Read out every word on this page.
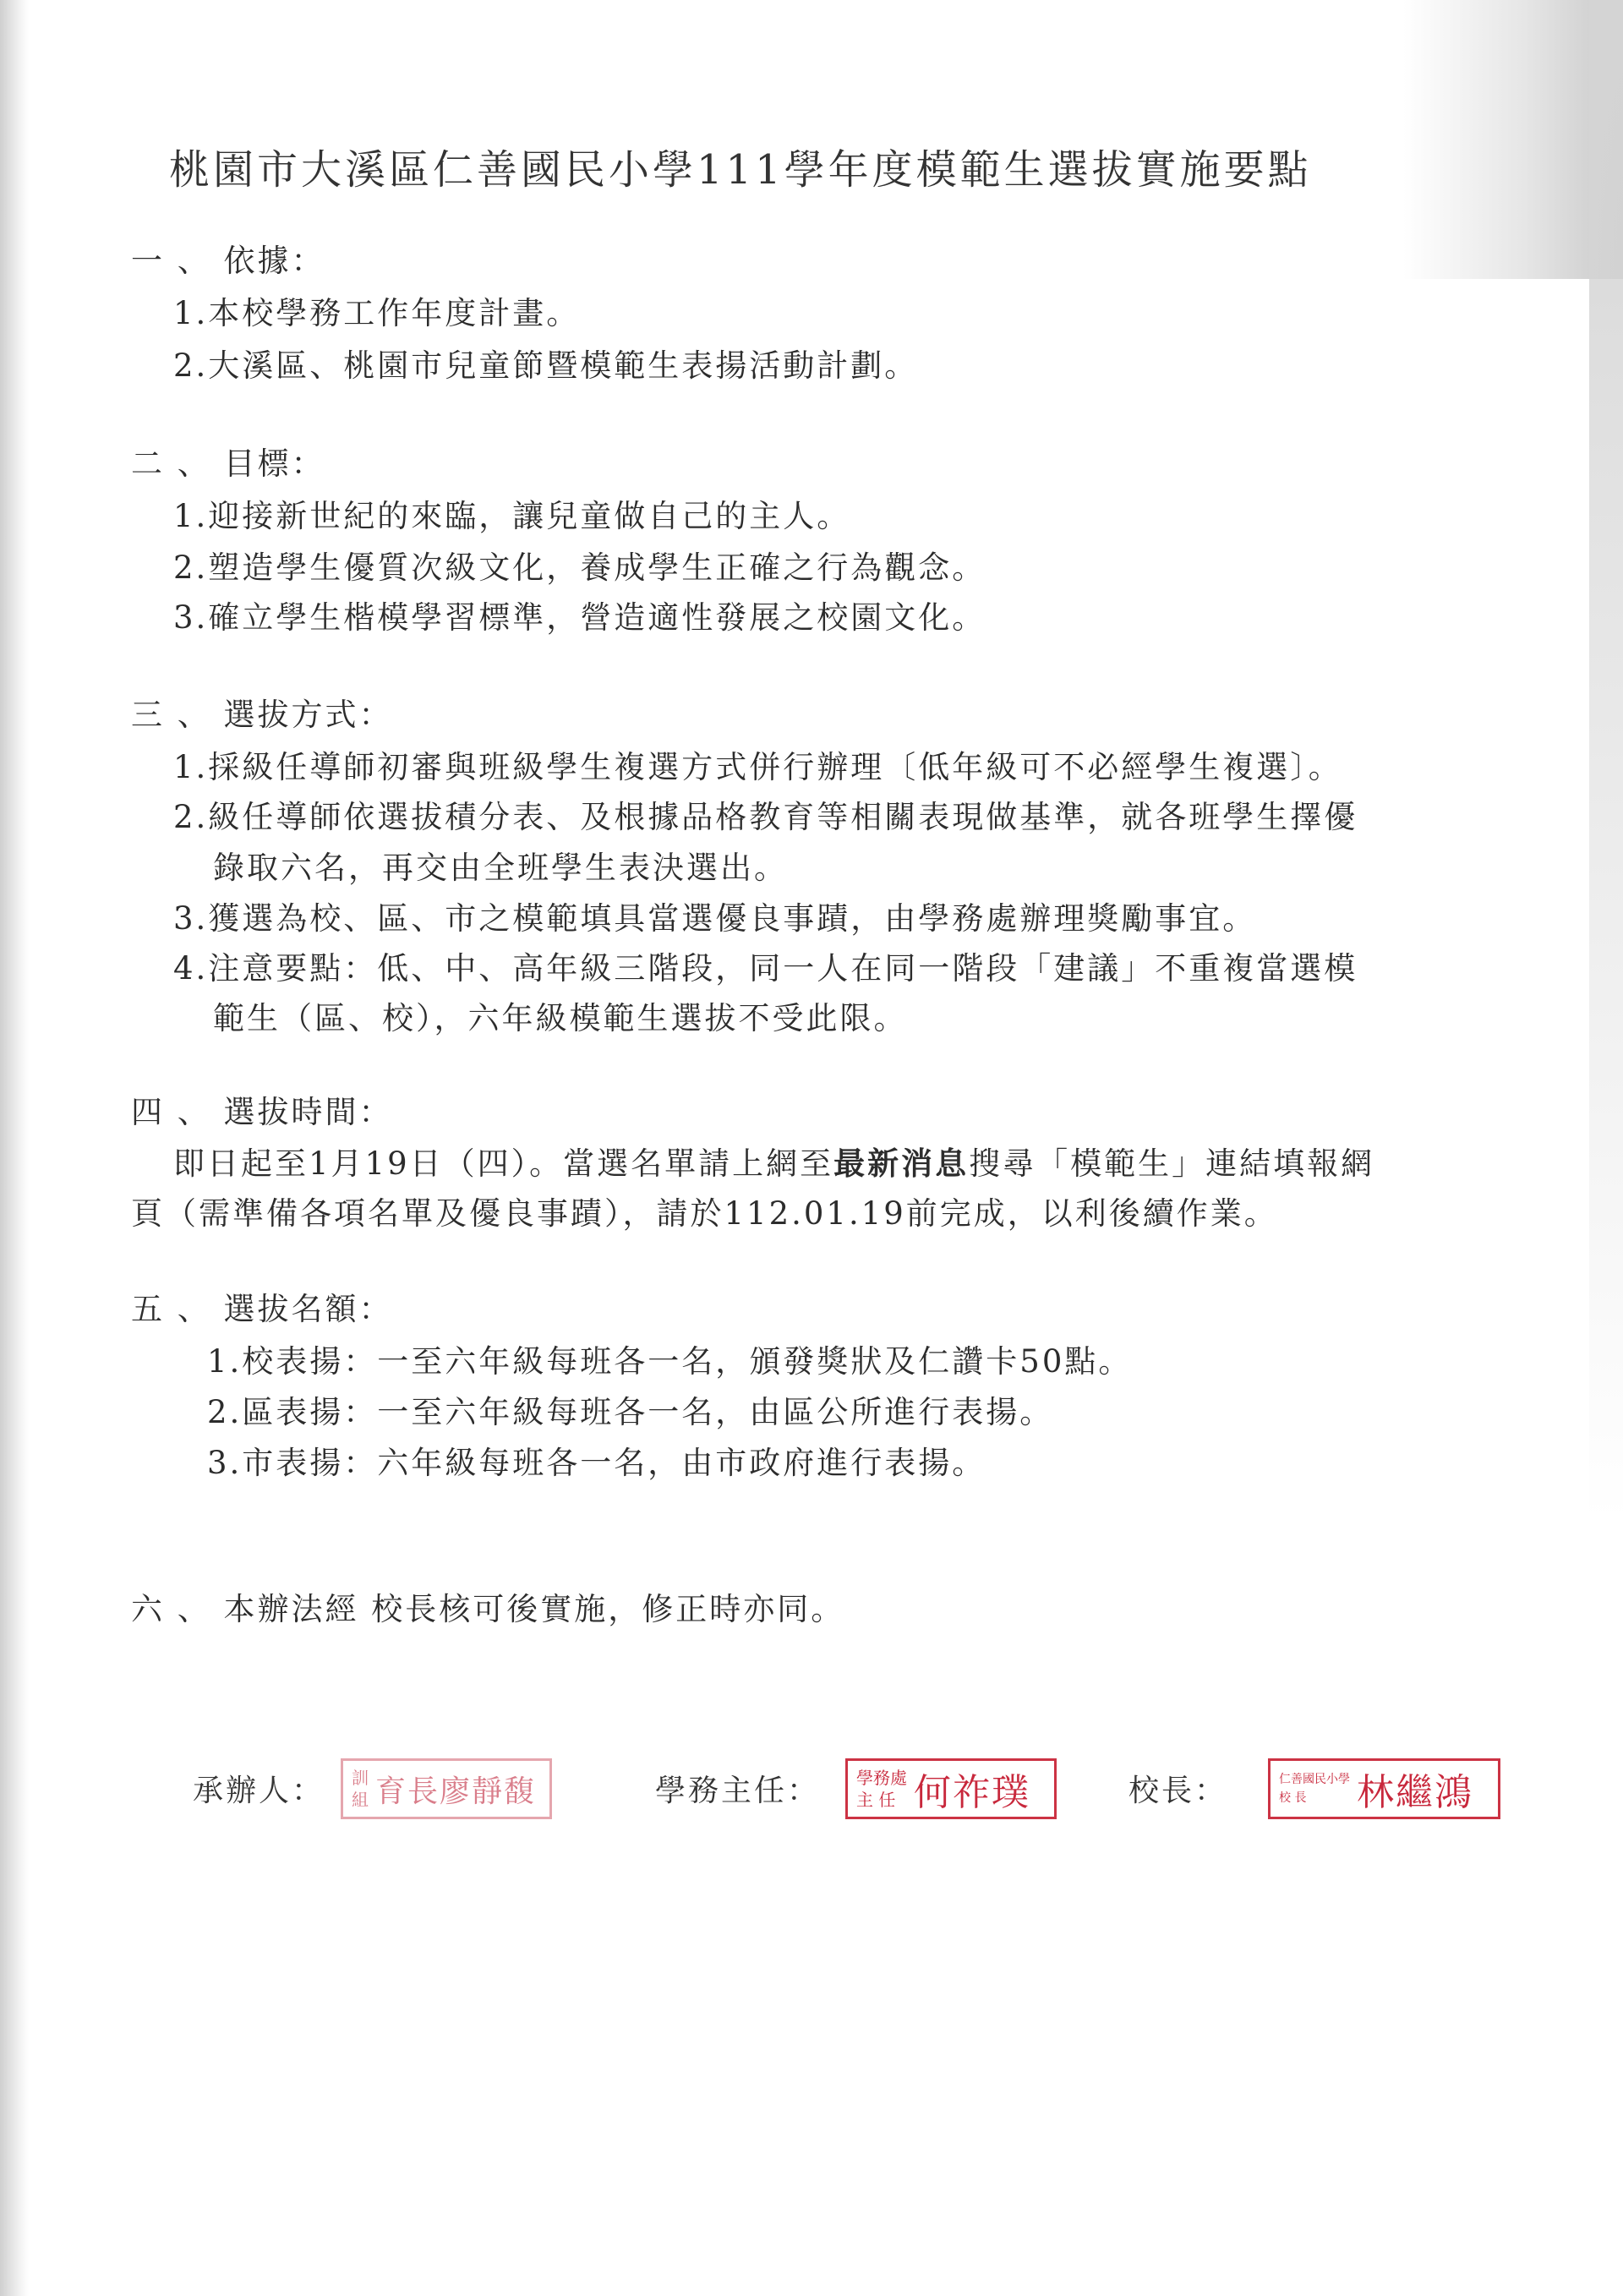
桃園市大溪區仁善國民小學111學年度模範生選拔實施要點
一 、 依據：
1.本校學務工作年度計畫。
2.大溪區、桃園市兒童節暨模範生表揚活動計劃。
二 、 目標：
1.迎接新世紀的來臨，讓兒童做自己的主人。
2.塑造學生優質次級文化，養成學生正確之行為觀念。
3.確立學生楷模學習標準，營造適性發展之校園文化。
三 、 選拔方式：
1.採級任導師初審與班級學生複選方式併行辦理〔低年級可不必經學生複選〕。
2.級任導師依選拔積分表、及根據品格教育等相關表現做基準，就各班學生擇優
錄取六名，再交由全班學生表決選出。
3.獲選為校、區、市之模範填具當選優良事蹟，由學務處辦理獎勵事宜。
4.注意要點：低、中、高年級三階段，同一人在同一階段「建議」不重複當選模
範生（區、校），六年級模範生選拔不受此限。
四 、 選拔時間：
即日起至1月19日（四）。當選名單請上網至最新消息搜尋「模範生」連結填報網
頁（需準備各項名單及優良事蹟），請於112.01.19前完成，以利後續作業。
五 、 選拔名額：
1.校表揚：一至六年級每班各一名，頒發獎狀及仁讚卡50點。
2.區表揚：一至六年級每班各一名，由區公所進行表揚。
3.市表揚：六年級每班各一名，由市政府進行表揚。
六 、 本辦法經 校長核可後實施，修正時亦同。
承辦人： 訓
組 育長 廖靜馥	學務主任： 學務處
主 任 何祚璞	校長：	仁善國民小學
校 長	林繼鴻
